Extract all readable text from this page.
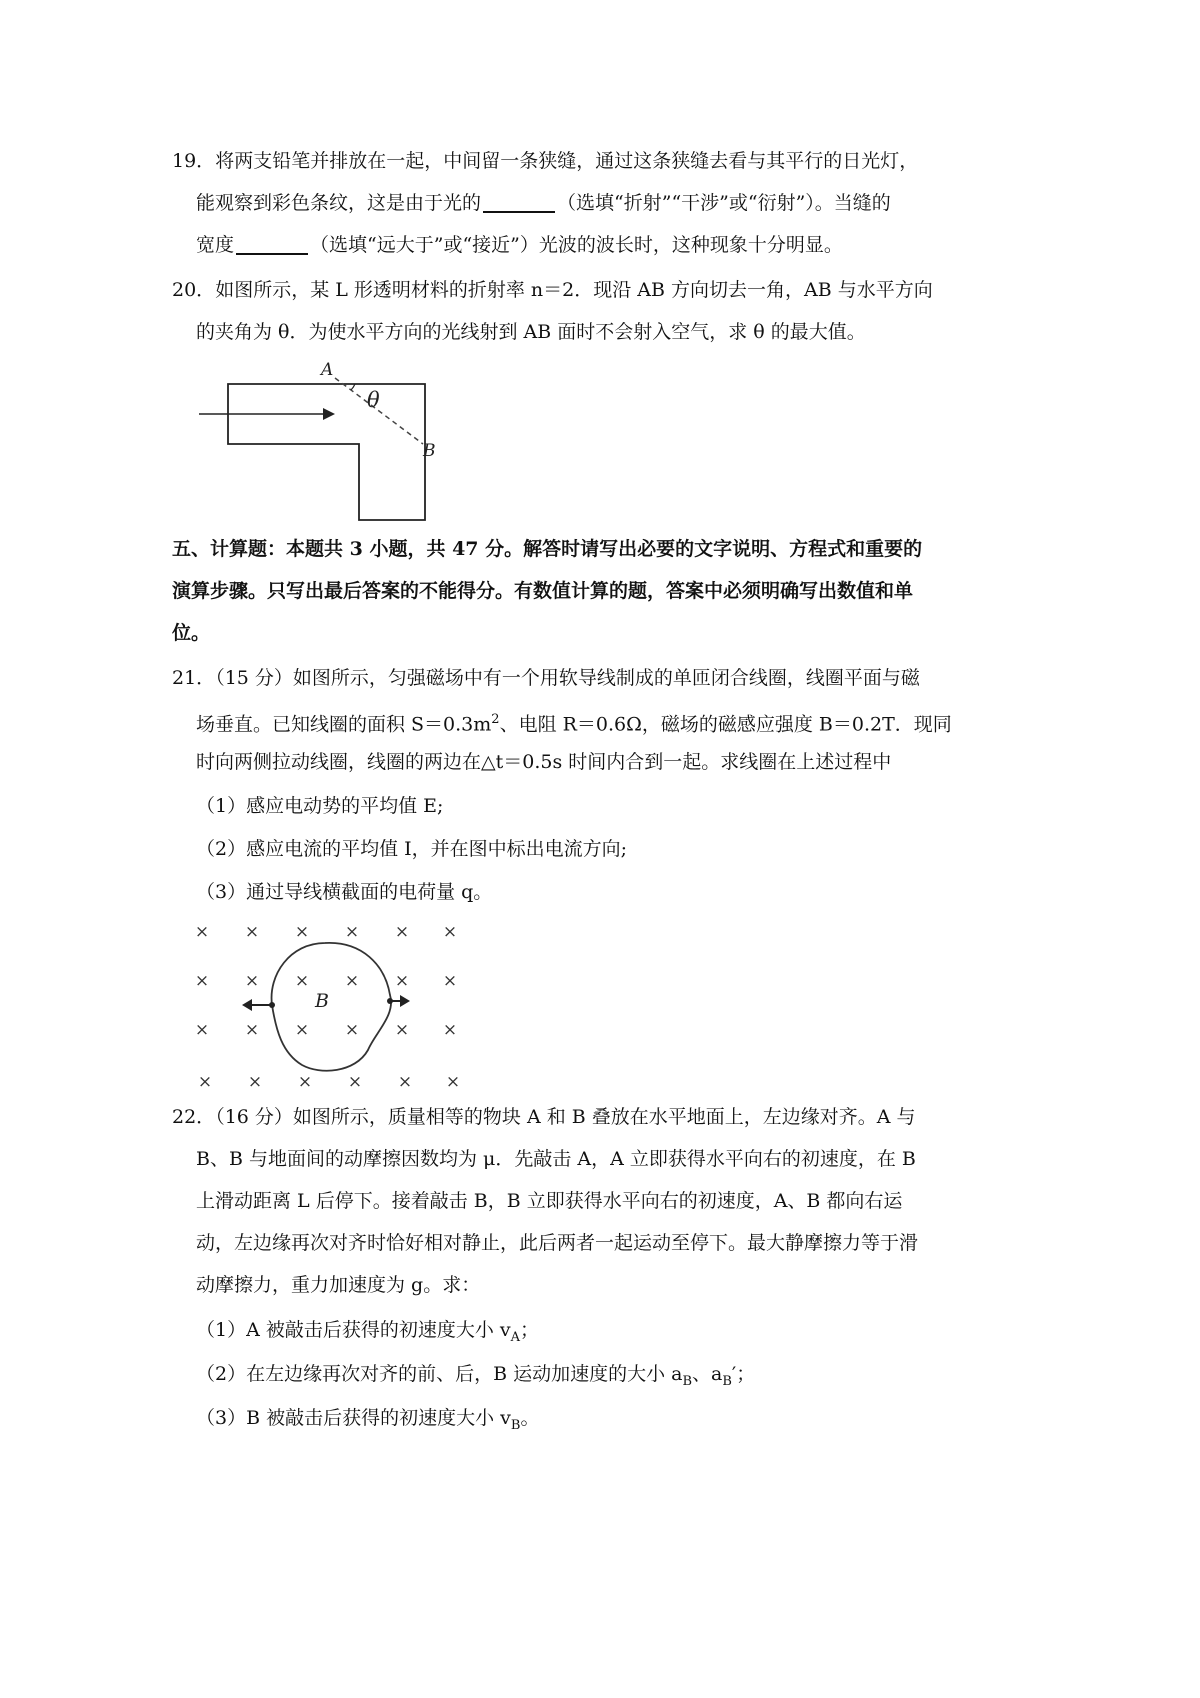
19．将两支铅笔并排放在一起，中间留一条狭缝，通过这条狭缝去看与其平行的日光灯，
能观察到彩色条纹，这是由于光的	（选填“折射”“干涉”或“衍射”）。当缝的
宽度	（选填“远大于”或“接近”）光波的波长时，这种现象十分明显。
20．如图所示，某 L 形透明材料的折射率 n＝2．现沿 AB 方向切去一角，AB 与水平方向
的夹角为 θ．为使水平方向的光线射到 AB 面时不会射入空气，求 θ 的最大值。
A
θ
B
五、计算题：本题共 3 小题，共 47 分。解答时请写出必要的文字说明、方程式和重要的
演算步骤。只写出最后答案的不能得分。有数值计算的题，答案中必须明确写出数值和单
位。
21．（15 分）如图所示，匀强磁场中有一个用软导线制成的单匝闭合线圈，线圈平面与磁
场垂直。已知线圈的面积 $S=0.3m^2$、电阻 R＝0.6Ω，磁场的磁感应强度 B＝0.2T．现同
时向两侧拉动线圈，线圈的两边在△t＝0.5s 时间内合到一起。求线圈在上述过程中
（1）感应电动势的平均值 E;
（2）感应电流的平均值 I，并在图中标出电流方向;
（3）通过导线横截面的电荷量 q。
× × × × × ×
× × × × × ×
× × × × × ×
× × × × × ×
B
22．（16 分）如图所示，质量相等的物块 A 和 B 叠放在水平地面上，左边缘对齐。A 与
B、B 与地面间的动摩擦因数均为 μ．先敲击 A，A 立即获得水平向右的初速度，在 B
上滑动距离 L 后停下。接着敲击 B，B 立即获得水平向右的初速度，A、B 都向右运
动，左边缘再次对齐时恰好相对静止，此后两者一起运动至停下。最大静摩擦力等于滑
动摩擦力，重力加速度为 g。求：
（1）A 被敲击后获得的初速度大小 $v_A$；
（2）在左边缘再次对齐的前、后，B 运动加速度的大小 $a_B$、$a_B'$；
（3）B 被敲击后获得的初速度大小 $v_B$。
